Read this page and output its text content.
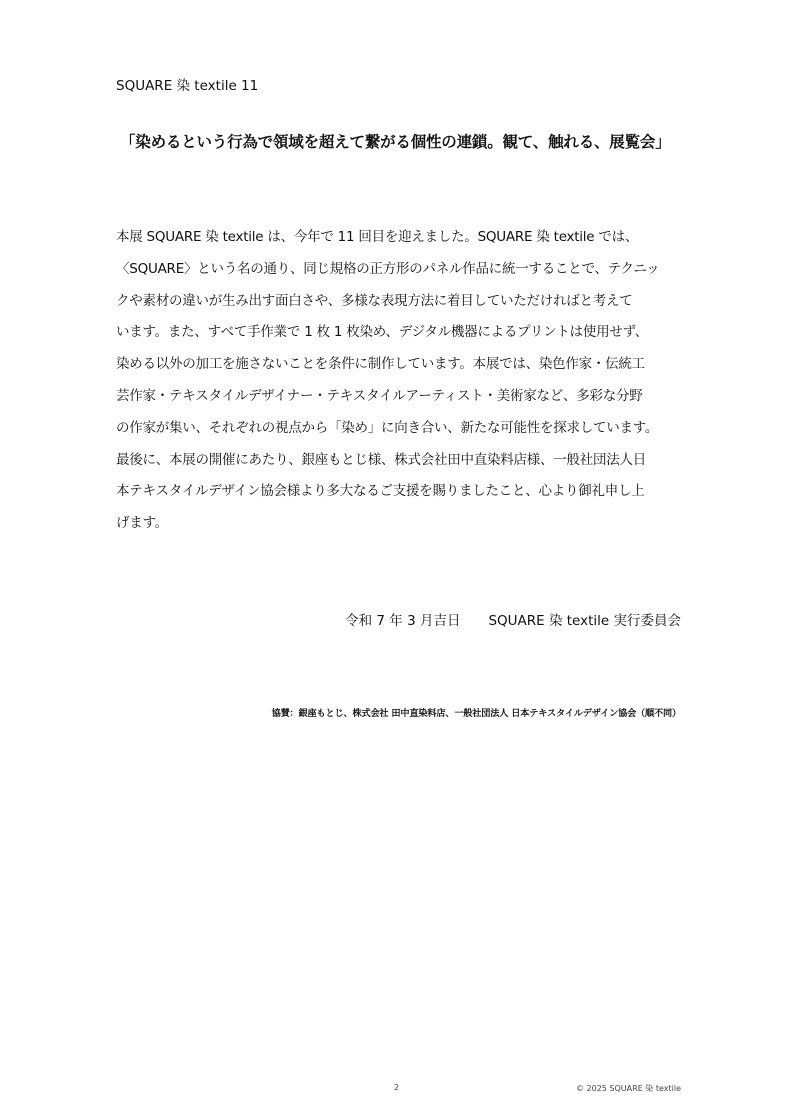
SQUARE 染 textile 11
「染めるという行為で領域を超えて繋がる個性の連鎖。観て、触れる、展覧会」
本展 SQUARE 染 textile は、今年で 11 回目を迎えました。SQUARE 染 textile では、
〈SQUARE〉という名の通り、同じ規格の正方形のパネル作品に統一することで、テクニッ
クや素材の違いが生み出す面白さや、多様な表現方法に着目していただければと考えて
います。また、すべて手作業で 1 枚 1 枚染め、デジタル機器によるプリントは使用せず、
染める以外の加工を施さないことを条件に制作しています。本展では、染色作家・伝統工
芸作家・テキスタイルデザイナー・テキスタイルアーティスト・美術家など、多彩な分野
の作家が集い、それぞれの視点から「染め」に向き合い、新たな可能性を探求しています。
最後に、本展の開催にあたり、銀座もとじ様、株式会社田中直染料店様、一般社団法人日
本テキスタイルデザイン協会様より多大なるご支援を賜りましたこと、心より御礼申し上
げます。
令和 7 年 3 月吉日 SQUARE 染 textile 実行委員会
協賛：銀座もとじ、株式会社 田中直染料店、一般社団法人 日本テキスタイルデザイン協会（順不同）
2	© 2025 SQUARE 染 textile
